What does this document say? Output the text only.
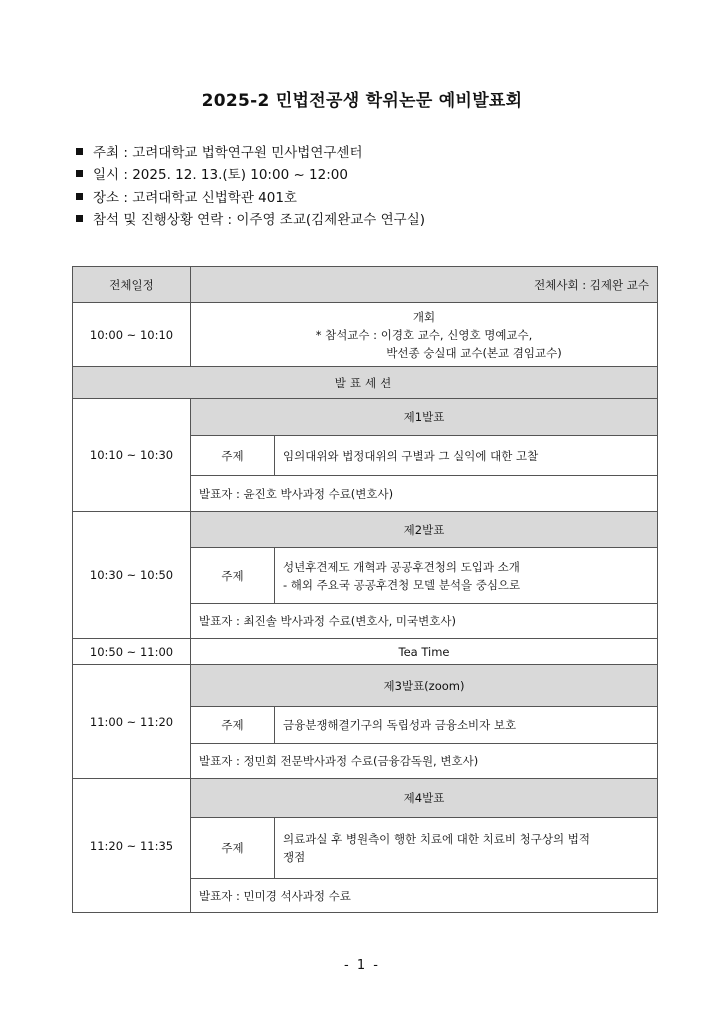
2025-2 민법전공생 학위논문 예비발표회
주최 : 고려대학교 법학연구원 민사법연구센터
일시 : 2025. 12. 13.(토) 10:00 ~ 12:00
장소 : 고려대학교 신법학관 401호
참석 및 진행상황 연락 : 이주영 조교(김제완교수 연구실)
전체일정	전체사회 : 김제완 교수	
10:00 ~ 10:10	개회
* 참석교수 : 이경호 교수, 신영호 명예교수,
박선종 숭실대 교수(본교 겸임교수)	

발표세션		
10:10 ~ 10:30	제1발표	
	주제	임의대위와 법정대위의 구별과 그 실익에 대한 고찰

	발표자 : 윤진호 박사과정 수료(변호사)	
10:30 ~ 10:50	제2발표	
	주제	성년후견제도 개혁과 공공후견청의 도입과 소개
- 해외 주요국 공공후견청 모델 분석을 중심으로

	발표자 : 최진솔 박사과정 수료(변호사, 미국변호사)	
10:50 ~ 11:00	Tea Time	
11:00 ~ 11:20	제3발표(zoom)	
	주제	금융분쟁해결기구의 독립성과 금융소비자 보호

	발표자 : 정민희 전문박사과정 수료(금융감독원, 변호사)	
11:20 ~ 11:35	제4발표	
	주제	의료과실 후 병원측이 행한 치료에 대한 치료비 청구상의 법적
쟁점

	발표자 : 민미경 석사과정 수료	
- 1 -
